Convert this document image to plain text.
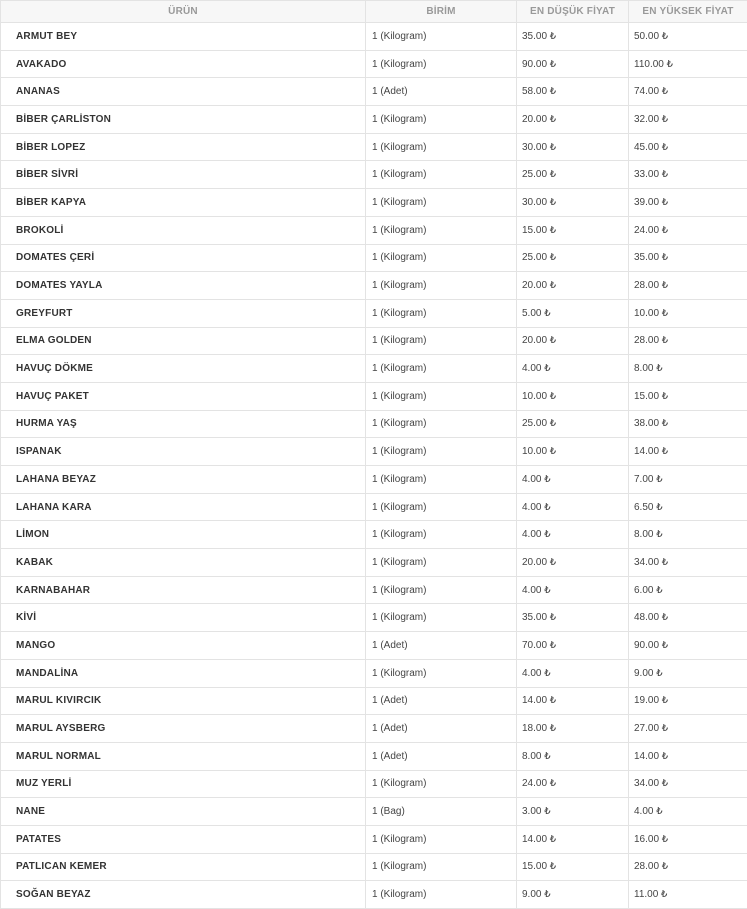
ÜRÜN	BİRİM	EN DÜŞÜK FİYAT	EN YÜKSEK FİYAT
ARMUT BEY	1 (Kilogram)	35.00 ₺	50.00 ₺
AVAKADO	1 (Kilogram)	90.00 ₺	110.00 ₺
ANANAS	1 (Adet)	58.00 ₺	74.00 ₺
BİBER ÇARLİSTON	1 (Kilogram)	20.00 ₺	32.00 ₺
BİBER LOPEZ	1 (Kilogram)	30.00 ₺	45.00 ₺
BİBER SİVRİ	1 (Kilogram)	25.00 ₺	33.00 ₺
BİBER KAPYA	1 (Kilogram)	30.00 ₺	39.00 ₺
BROKOLİ	1 (Kilogram)	15.00 ₺	24.00 ₺
DOMATES ÇERİ	1 (Kilogram)	25.00 ₺	35.00 ₺
DOMATES YAYLA	1 (Kilogram)	20.00 ₺	28.00 ₺
GREYFURT	1 (Kilogram)	5.00 ₺	10.00 ₺
ELMA GOLDEN	1 (Kilogram)	20.00 ₺	28.00 ₺
HAVUÇ DÖKME	1 (Kilogram)	4.00 ₺	8.00 ₺
HAVUÇ PAKET	1 (Kilogram)	10.00 ₺	15.00 ₺
HURMA YAŞ	1 (Kilogram)	25.00 ₺	38.00 ₺
ISPANAK	1 (Kilogram)	10.00 ₺	14.00 ₺
LAHANA BEYAZ	1 (Kilogram)	4.00 ₺	7.00 ₺
LAHANA KARA	1 (Kilogram)	4.00 ₺	6.50 ₺
LİMON	1 (Kilogram)	4.00 ₺	8.00 ₺
KABAK	1 (Kilogram)	20.00 ₺	34.00 ₺
KARNABAHAR	1 (Kilogram)	4.00 ₺	6.00 ₺
KİVİ	1 (Kilogram)	35.00 ₺	48.00 ₺
MANGO	1 (Adet)	70.00 ₺	90.00 ₺
MANDALİNA	1 (Kilogram)	4.00 ₺	9.00 ₺
MARUL KIVIRCIK	1 (Adet)	14.00 ₺	19.00 ₺
MARUL AYSBERG	1 (Adet)	18.00 ₺	27.00 ₺
MARUL NORMAL	1 (Adet)	8.00 ₺	14.00 ₺
MUZ YERLİ	1 (Kilogram)	24.00 ₺	34.00 ₺
NANE	1 (Bag)	3.00 ₺	4.00 ₺
PATATES	1 (Kilogram)	14.00 ₺	16.00 ₺
PATLICAN KEMER	1 (Kilogram)	15.00 ₺	28.00 ₺
SOĞAN BEYAZ	1 (Kilogram)	9.00 ₺	11.00 ₺
